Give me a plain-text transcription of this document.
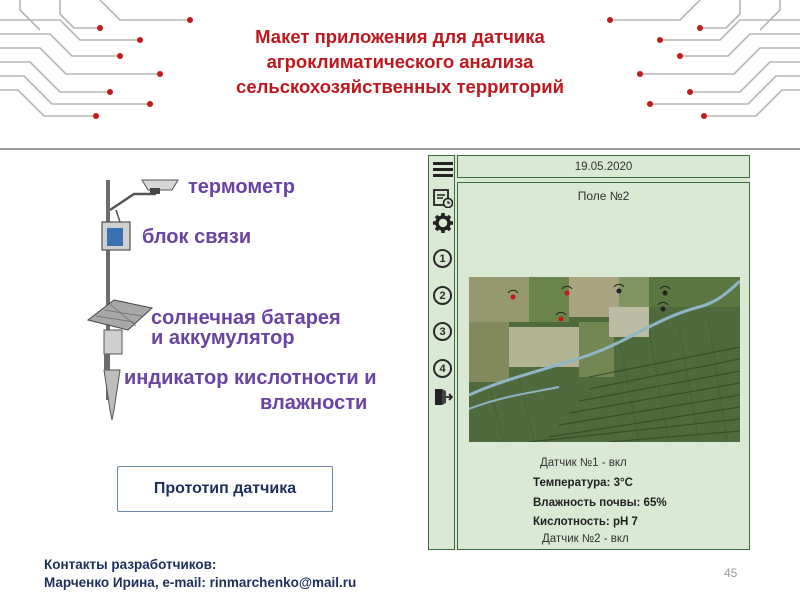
Макет приложения для датчика
агроклиматического анализа
сельскохозяйственных территорий
термометр
блок связи
солнечная батарея
и аккумулятор
индикатор кислотности и
влажности
Прототип датчика
1
2
3
4
19.05.2020
Поле №2
Датчик №1 - вкл
Температура: 3°C
Влажность почвы: 65%
Кислотность: pH 7
Датчик №2 - вкл
Контакты разработчиков:
Марченко Ирина, e-mail: rinmarchenko@mail.ru
45
